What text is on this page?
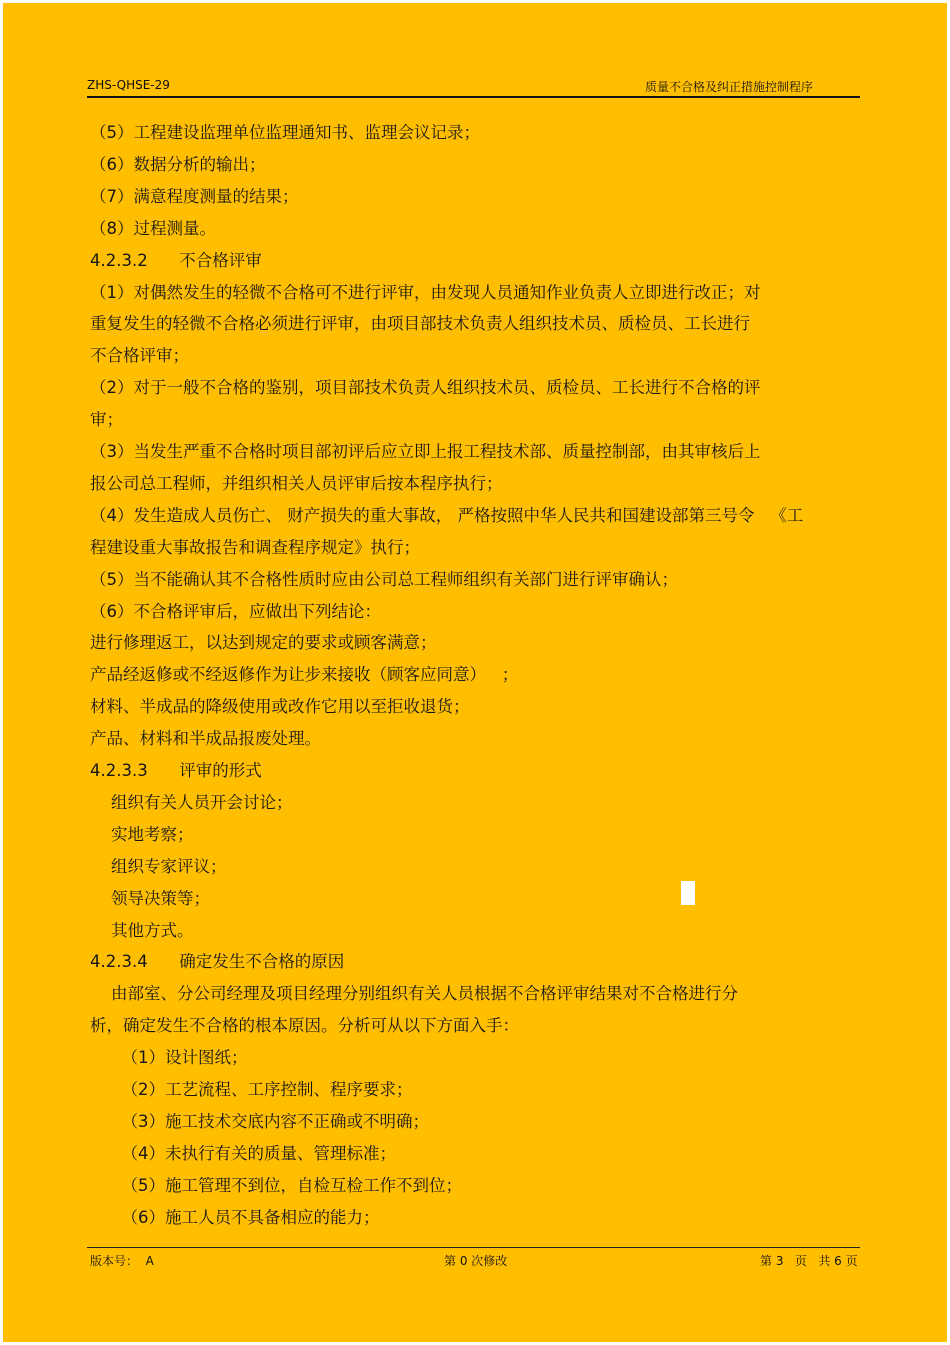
ZHS-QHSE-29	质量不合格及纠正措施控制程序
（5）工程建设监理单位监理通知书、监理会议记录；
（6）数据分析的输出；
（7）满意程度测量的结果；
（8）过程测量。
4.2.3.2      不合格评审
（1）对偶然发生的轻微不合格可不进行评审，由发现人员通知作业负责人立即进行改正；对
重复发生的轻微不合格必须进行评审，由项目部技术负责人组织技术员、质检员、工长进行
不合格评审；
（2）对于一般不合格的鉴别，项目部技术负责人组织技术员、质检员、工长进行不合格的评
审；
（3）当发生严重不合格时项目部初评后应立即上报工程技术部、质量控制部，由其审核后上
报公司总工程师，并组织相关人员评审后按本程序执行；
（4）发生造成人员伤亡、 财产损失的重大事故， 严格按照中华人民共和国建设部第三号令   《工
程建设重大事故报告和调查程序规定》执行；
（5）当不能确认其不合格性质时应由公司总工程师组织有关部门进行评审确认；
（6）不合格评审后，应做出下列结论：
进行修理返工，以达到规定的要求或顾客满意；
产品经返修或不经返修作为让步来接收（顾客应同意）   ；
材料、半成品的降级使用或改作它用以至拒收退货；
产品、材料和半成品报废处理。
4.2.3.3      评审的形式
组织有关人员开会讨论；
实地考察；
组织专家评议；
领导决策等；
其他方式。
4.2.3.4      确定发生不合格的原因
由部室、分公司经理及项目经理分别组织有关人员根据不合格评审结果对不合格进行分
析，确定发生不合格的根本原因。分析可从以下方面入手：
（1）设计图纸；
（2）工艺流程、工序控制、程序要求；
（3）施工技术交底内容不正确或不明确；
（4）未执行有关的质量、管理标准；
（5）施工管理不到位，自检互检工作不到位；
（6）施工人员不具备相应的能力；
版本号：  A	第 0 次修改	第 3   页   共 6 页
